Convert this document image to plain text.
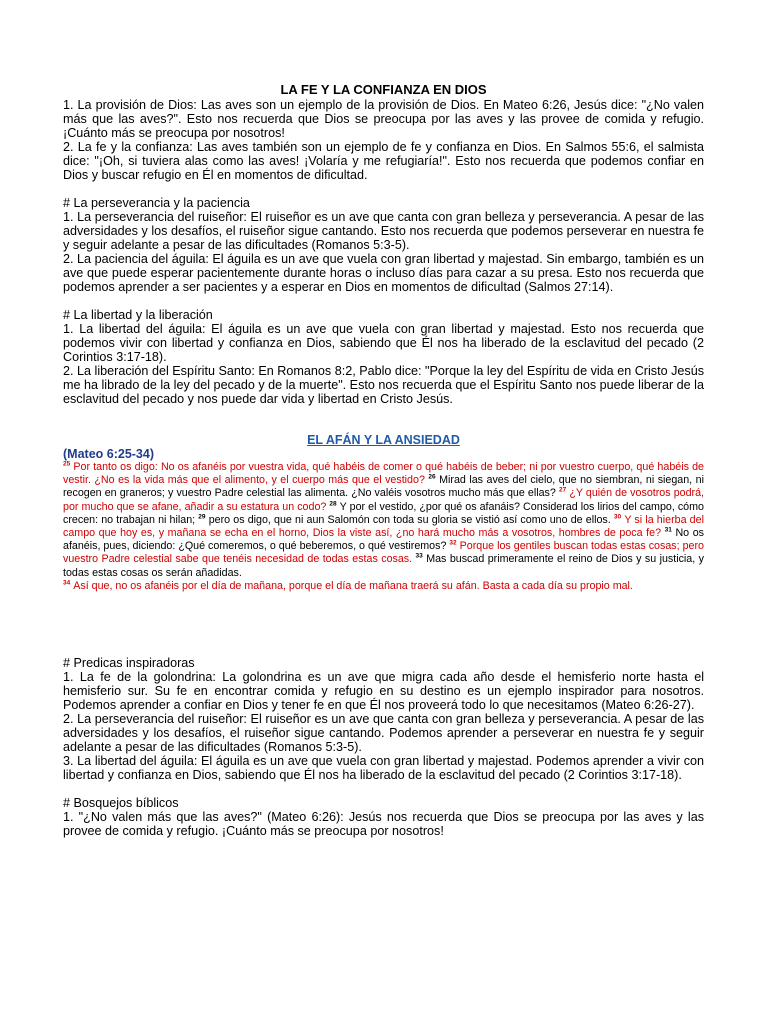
LA FE Y LA CONFIANZA EN DIOS

1. La provisión de Dios: Las aves son un ejemplo de la provisión de Dios. En Mateo 6:26, Jesús dice: "¿No valen más que las aves?". Esto nos recuerda que Dios se preocupa por las aves y las provee de comida y refugio. ¡Cuánto más se preocupa por nosotros!

2. La fe y la confianza: Las aves también son un ejemplo de fe y confianza en Dios. En Salmos 55:6, el salmista dice: "¡Oh, si tuviera alas como las aves! ¡Volaría y me refugiaría!". Esto nos recuerda que podemos confiar en Dios y buscar refugio en Él en momentos de dificultad.

# La perseverancia y la paciencia

1. La perseverancia del ruiseñor: El ruiseñor es un ave que canta con gran belleza y perseverancia. A pesar de las adversidades y los desafíos, el ruiseñor sigue cantando. Esto nos recuerda que podemos perseverar en nuestra fe y seguir adelante a pesar de las dificultades (Romanos 5:3-5).

2. La paciencia del águila: El águila es un ave que vuela con gran libertad y majestad. Sin embargo, también es un ave que puede esperar pacientemente durante horas o incluso días para cazar a su presa. Esto nos recuerda que podemos aprender a ser pacientes y a esperar en Dios en momentos de dificultad (Salmos 27:14).

# La libertad y la liberación

1. La libertad del águila: El águila es un ave que vuela con gran libertad y majestad. Esto nos recuerda que podemos vivir con libertad y confianza en Dios, sabiendo que Él nos ha liberado de la esclavitud del pecado (2 Corintios 3:17-18).

2. La liberación del Espíritu Santo: En Romanos 8:2, Pablo dice: "Porque la ley del Espíritu de vida en Cristo Jesús me ha librado de la ley del pecado y de la muerte". Esto nos recuerda que el Espíritu Santo nos puede liberar de la esclavitud del pecado y nos puede dar vida y libertad en Cristo Jesús.

EL AFÁN Y LA ANSIEDAD
(Mateo 6:25-34)
$^{25}$ Por tanto os digo: No os afanéis por vuestra vida, qué habéis de comer o qué habéis de beber; ni por vuestro cuerpo, qué habéis de vestir. ¿No es la vida más que el alimento, y el cuerpo más que el vestido? $^{26}$ Mirad las aves del cielo, que no siembran, ni siegan, ni recogen en graneros; y vuestro Padre celestial las alimenta. ¿No valéis vosotros mucho más que ellas? $^{27}$ ¿Y quién de vosotros podrá, por mucho que se afane, añadir a su estatura un codo? $^{28}$ Y por el vestido, ¿por qué os afanáis? Considerad los lirios del campo, cómo crecen: no trabajan ni hilan; $^{29}$ pero os digo, que ni aun Salomón con toda su gloria se vistió así como uno de ellos. $^{30}$ Y si la hierba del campo que hoy es, y mañana se echa en el horno, Dios la viste así, ¿no hará mucho más a vosotros, hombres de poca fe? $^{31}$ No os afanéis, pues, diciendo: ¿Qué comeremos, o qué beberemos, o qué vestiremos? $^{32}$ Porque los gentiles buscan todas estas cosas; pero vuestro Padre celestial sabe que tenéis necesidad de todas estas cosas. $^{33}$ Mas buscad primeramente el reino de Dios y su justicia, y todas estas cosas os serán añadidas.
$^{34}$ Así que, no os afanéis por el día de mañana, porque el día de mañana traerá su afán. Basta a cada día su propio mal.

# Predicas inspiradoras

1. La fe de la golondrina: La golondrina es un ave que migra cada año desde el hemisferio norte hasta el hemisferio sur. Su fe en encontrar comida y refugio en su destino es un ejemplo inspirador para nosotros. Podemos aprender a confiar en Dios y tener fe en que Él nos proveerá todo lo que necesitamos (Mateo 6:26-27).

2. La perseverancia del ruiseñor: El ruiseñor es un ave que canta con gran belleza y perseverancia. A pesar de las adversidades y los desafíos, el ruiseñor sigue cantando. Podemos aprender a perseverar en nuestra fe y seguir adelante a pesar de las dificultades (Romanos 5:3-5).

3. La libertad del águila: El águila es un ave que vuela con gran libertad y majestad. Podemos aprender a vivir con libertad y confianza en Dios, sabiendo que Él nos ha liberado de la esclavitud del pecado (2 Corintios 3:17-18).

# Bosquejos bíblicos

1. "¿No valen más que las aves?" (Mateo 6:26): Jesús nos recuerda que Dios se preocupa por las aves y las provee de comida y refugio. ¡Cuánto más se preocupa por nosotros!
